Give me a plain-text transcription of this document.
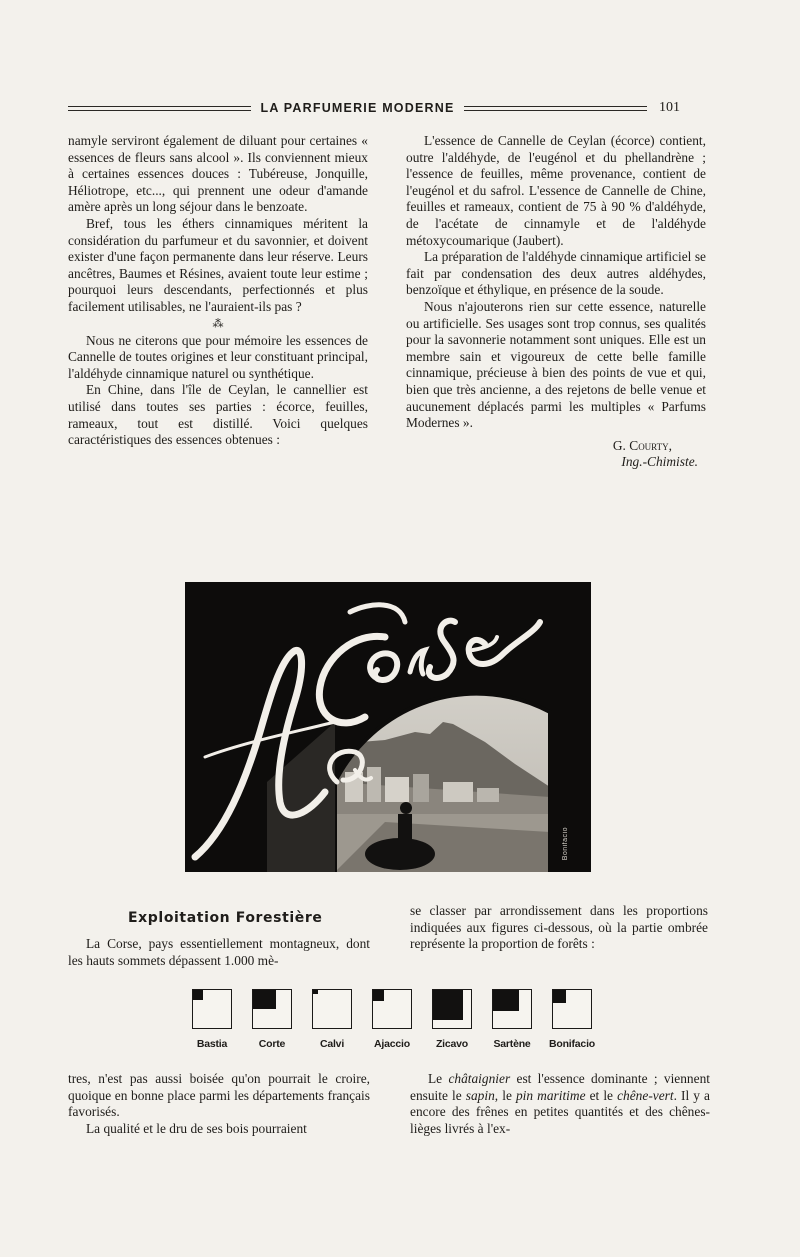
LA PARFUMERIE MODERNE	101

namyle serviront également de diluant pour certaines « essences de fleurs sans alcool ». Ils conviennent mieux à certaines essences douces : Tubéreuse, Jonquille, Héliotrope, etc..., qui prennent une odeur d'amande amère après un long séjour dans le benzoate.

Bref, tous les éthers cinnamiques méritent la considération du parfumeur et du savonnier, et doivent exister d'une façon permanente dans leur réserve. Leurs ancêtres, Baumes et Résines, avaient toute leur estime ; pourquoi leurs descendants, perfectionnés et plus facilement utilisables, ne l'auraient-ils pas ?

⁂

Nous ne citerons que pour mémoire les essences de Cannelle de toutes origines et leur constituant principal, l'aldéhyde cinnamique naturel ou synthétique.

En Chine, dans l'île de Ceylan, le cannellier est utilisé dans toutes ses parties : écorce, feuilles, rameaux, tout est distillé. Voici quelques caractéristiques des essences obtenues :

L'essence de Cannelle de Ceylan (écorce) contient, outre l'aldéhyde, de l'eugénol et du phellandrène ; l'essence de feuilles, même provenance, contient de l'eugénol et du safrol. L'essence de Cannelle de Chine, feuilles et rameaux, contient de 75 à 90 % d'aldéhyde, de l'acétate de cinnamyle et de l'aldéhyde métoxycoumarique (Jaubert).

La préparation de l'aldéhyde cinnamique artificiel se fait par condensation des deux autres aldéhydes, benzoïque et éthylique, en présence de la soude.

Nous n'ajouterons rien sur cette essence, naturelle ou artificielle. Ses usages sont trop connus, ses qualités pour la savonnerie notamment sont uniques. Elle est un membre sain et vigoureux de cette belle famille cinnamique, précieuse à bien des points de vue et qui, bien que très ancienne, a des rejetons de belle venue et aucunement déplacés parmi les multiples « Parfums Modernes ».

G. Courty,
Ing.-Chimiste.
Bonifacio
Exploitation Forestière

La Corse, pays essentiellement montagneux, dont les hauts sommets dépassent 1.000 mè-

se classer par arrondissement dans les proportions indiquées aux figures ci-dessous, où la partie ombrée représente la proportion de forêts :

Bastia	Corte	Calvi	Ajaccio	Zicavo	Sartène	Bonifacio

tres, n'est pas aussi boisée qu'on pourrait le croire, quoique en bonne place parmi les départements français favorisés.

La qualité et le dru de ses bois pourraient

Le châtaignier est l'essence dominante ; viennent ensuite le sapin, le pin maritime et le chêne-vert. Il y a encore des frênes en petites quantités et des chênes-lièges livrés à l'ex-
